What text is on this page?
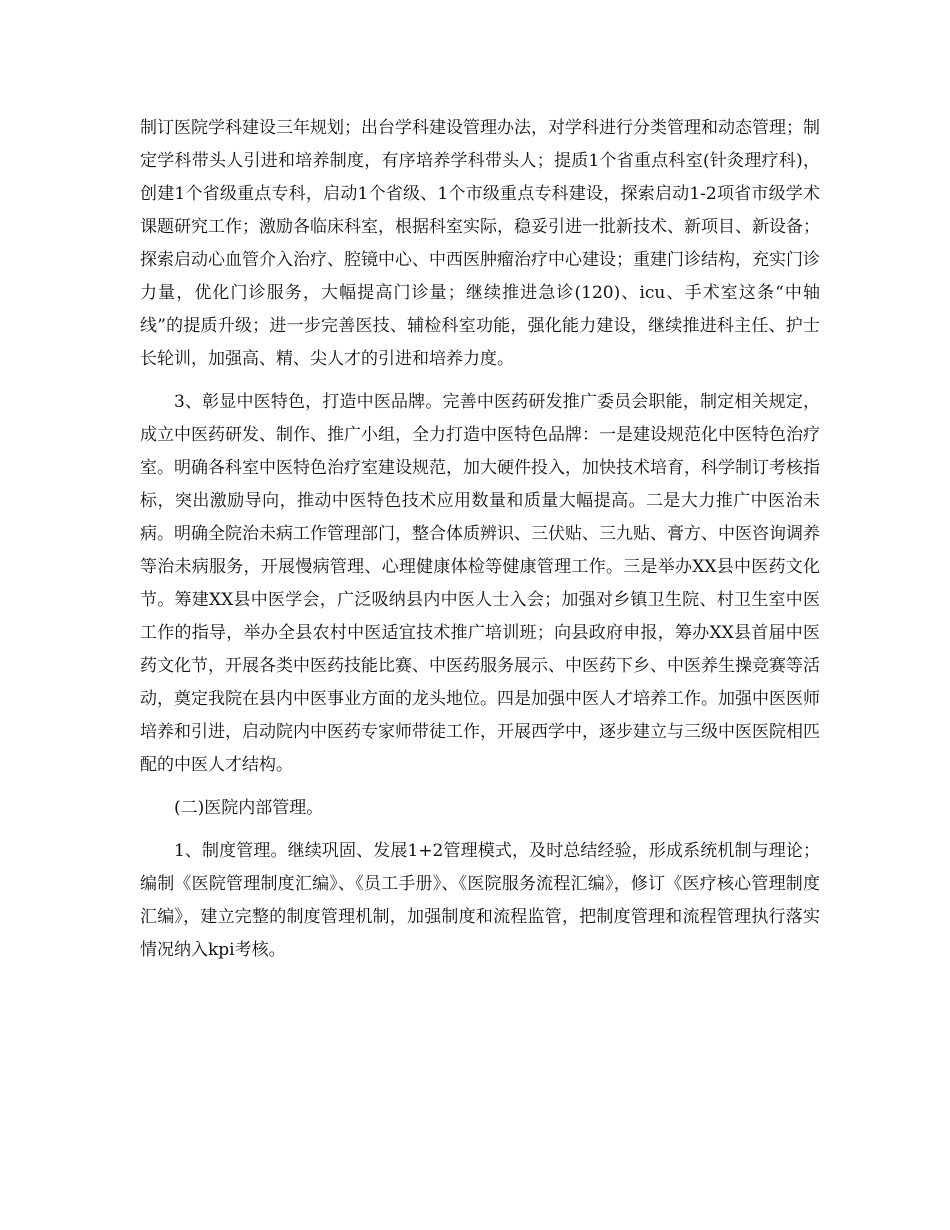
制订医院学科建设三年规划；出台学科建设管理办法，对学科进行分类管理和动态管理；制定学科带头人引进和培养制度，有序培养学科带头人；提质1个省重点科室(针灸理疗科)，创建1个省级重点专科，启动1个省级、1个市级重点专科建设，探索启动1-2项省市级学术课题研究工作；激励各临床科室，根据科室实际，稳妥引进一批新技术、新项目、新设备；探索启动心血管介入治疗、腔镜中心、中西医肿瘤治疗中心建设；重建门诊结构，充实门诊力量，优化门诊服务，大幅提高门诊量；继续推进急诊(120)、icu、手术室这条“中轴线”的提质升级；进一步完善医技、辅检科室功能，强化能力建设，继续推进科主任、护士长轮训，加强高、精、尖人才的引进和培养力度。

3、彰显中医特色，打造中医品牌。完善中医药研发推广委员会职能，制定相关规定，成立中医药研发、制作、推广小组，全力打造中医特色品牌：一是建设规范化中医特色治疗室。明确各科室中医特色治疗室建设规范，加大硬件投入，加快技术培育，科学制订考核指标，突出激励导向，推动中医特色技术应用数量和质量大幅提高。二是大力推广中医治未病。明确全院治未病工作管理部门，整合体质辨识、三伏贴、三九贴、膏方、中医咨询调养等治未病服务，开展慢病管理、心理健康体检等健康管理工作。三是举办XX县中医药文化节。筹建XX县中医学会，广泛吸纳县内中医人士入会；加强对乡镇卫生院、村卫生室中医工作的指导，举办全县农村中医适宜技术推广培训班；向县政府申报，筹办XX县首届中医药文化节，开展各类中医药技能比赛、中医药服务展示、中医药下乡、中医养生操竞赛等活动，奠定我院在县内中医事业方面的龙头地位。四是加强中医人才培养工作。加强中医医师培养和引进，启动院内中医药专家师带徒工作，开展西学中，逐步建立与三级中医医院相匹配的中医人才结构。

(二)医院内部管理。

1、制度管理。继续巩固、发展1+2管理模式，及时总结经验，形成系统机制与理论；编制《医院管理制度汇编》、《员工手册》、《医院服务流程汇编》，修订《医疗核心管理制度汇编》，建立完整的制度管理机制，加强制度和流程监管，把制度管理和流程管理执行落实情况纳入kpi考核。
